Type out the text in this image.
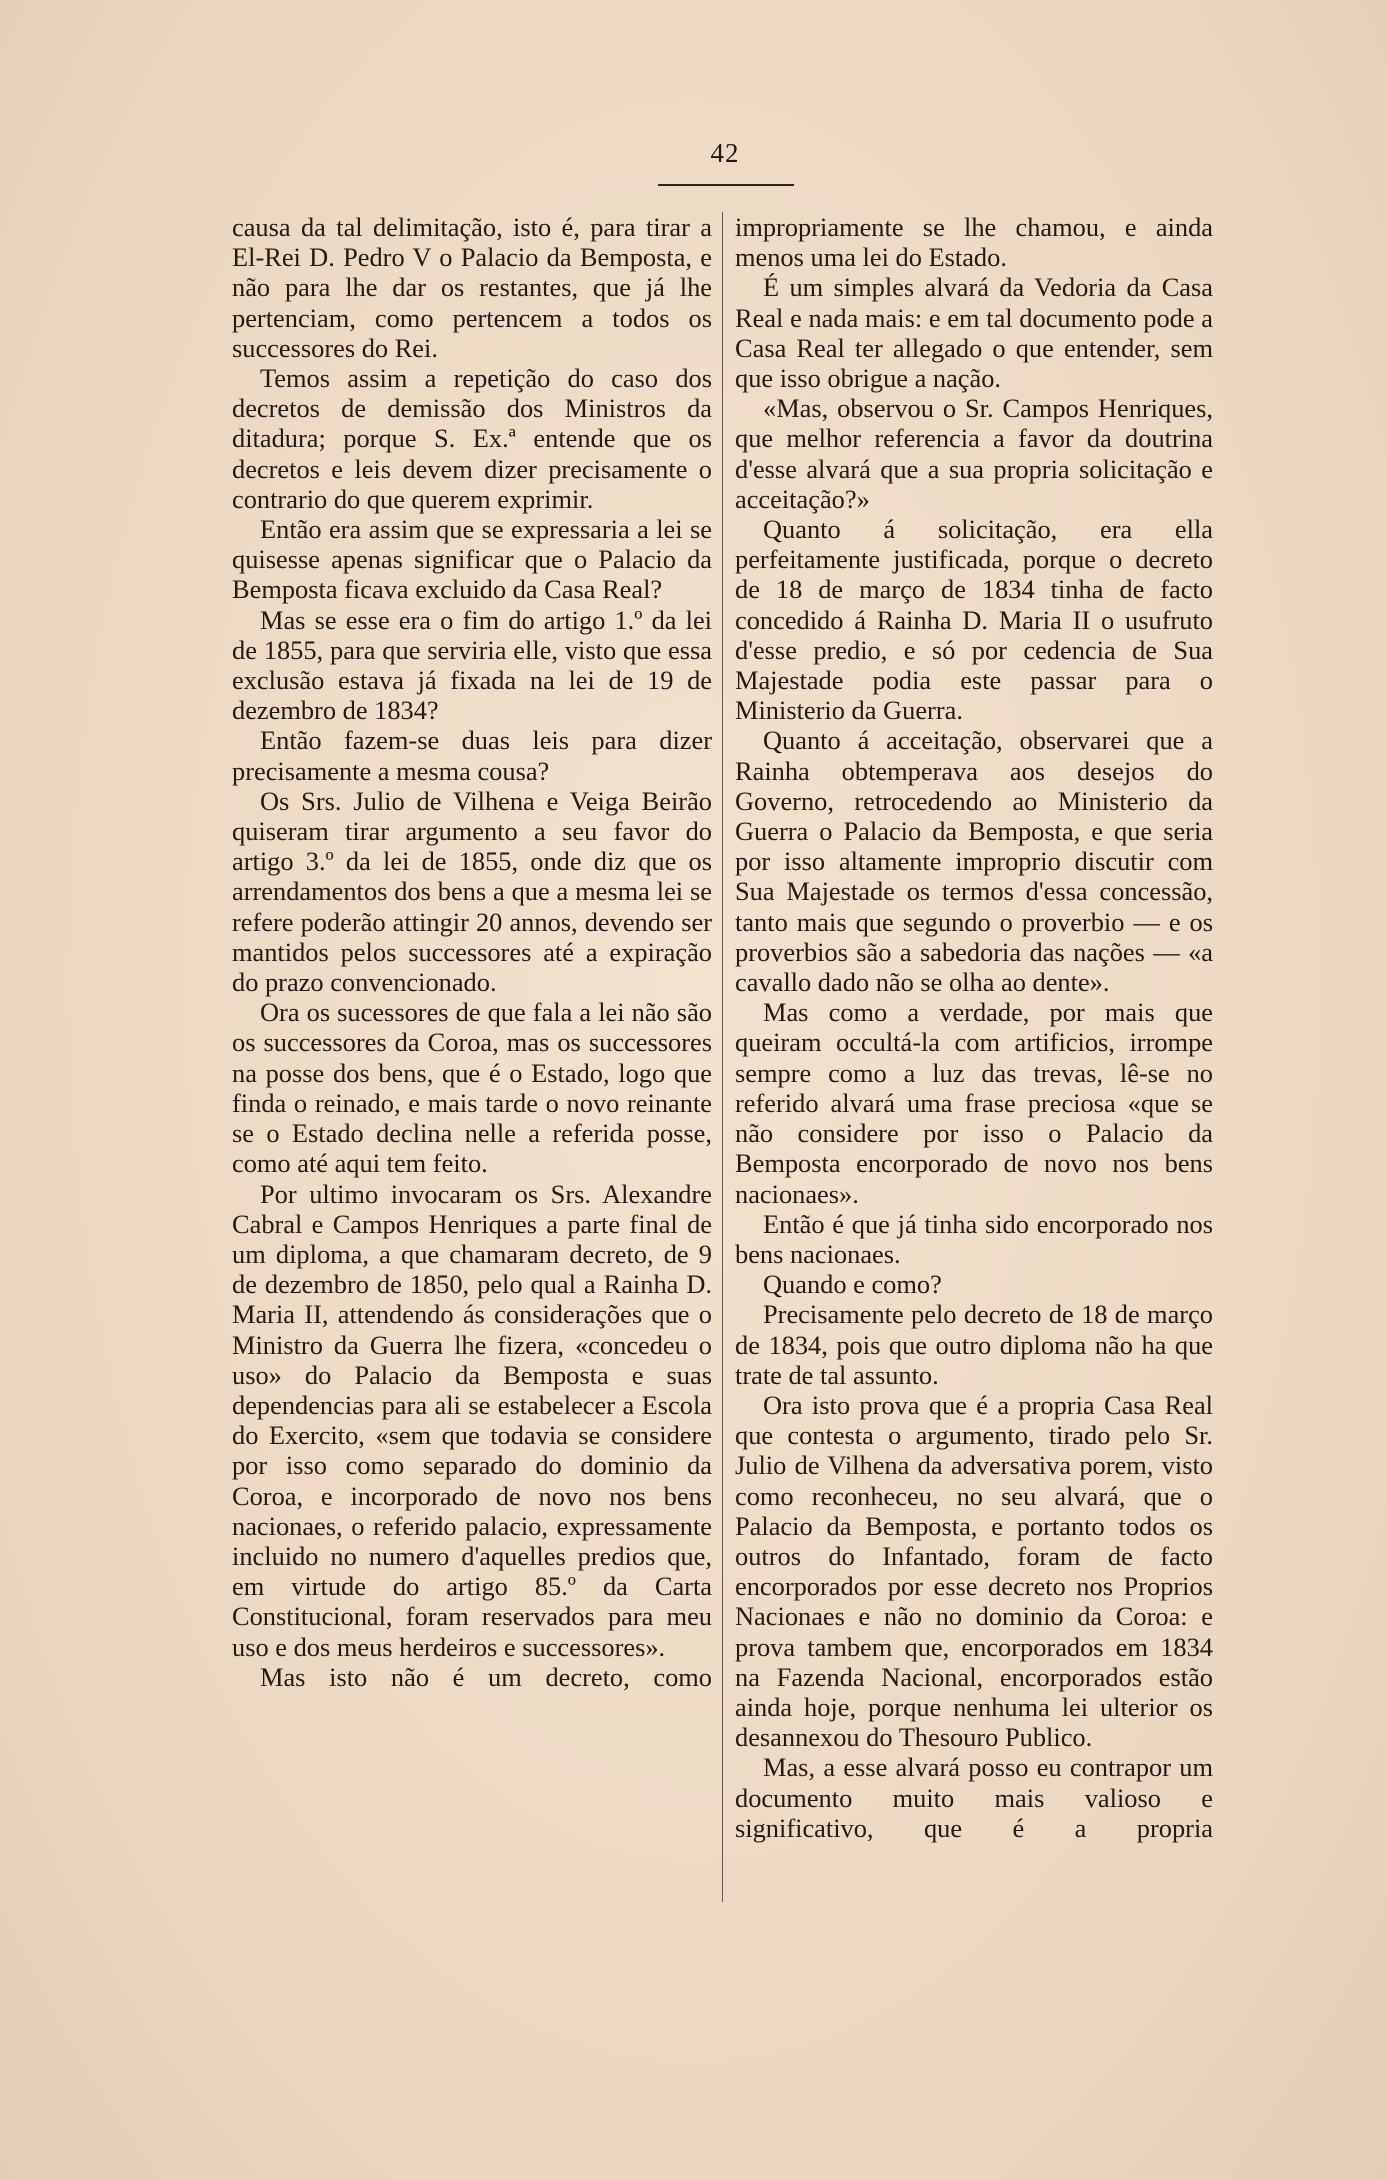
42

causa da tal delimitação, isto é, para tirar a El-Rei D. Pedro V o Palacio da Bemposta, e não para lhe dar os restantes, que já lhe pertenciam, como pertencem a todos os successores do Rei.

Temos assim a repetição do caso dos decretos de demissão dos Ministros da ditadura; porque S. Ex.ª entende que os decretos e leis devem dizer precisamente o contrario do que querem exprimir.

Então era assim que se expressaria a lei se quisesse apenas significar que o Palacio da Bemposta ficava excluido da Casa Real?

Mas se esse era o fim do artigo 1.º da lei de 1855, para que serviria elle, visto que essa exclusão estava já fixada na lei de 19 de dezembro de 1834?

Então fazem-se duas leis para dizer precisamente a mesma cousa?

Os Srs. Julio de Vilhena e Veiga Beirão quiseram tirar argumento a seu favor do artigo 3.º da lei de 1855, onde diz que os arrendamentos dos bens a que a mesma lei se refere poderão attingir 20 annos, devendo ser mantidos pelos successores até a expiração do prazo convencionado.

Ora os sucessores de que fala a lei não são os successores da Coroa, mas os successores na posse dos bens, que é o Estado, logo que finda o reinado, e mais tarde o novo reinante se o Estado declina nelle a referida posse, como até aqui tem feito.

Por ultimo invocaram os Srs. Alexandre Cabral e Campos Henriques a parte final de um diploma, a que chamaram decreto, de 9 de dezembro de 1850, pelo qual a Rainha D. Maria II, attendendo ás considerações que o Ministro da Guerra lhe fizera, «concedeu o uso» do Palacio da Bemposta e suas dependencias para ali se estabelecer a Escola do Exercito, «sem que todavia se considere por isso como separado do dominio da Coroa, e incorporado de novo nos bens nacionaes, o referido palacio, expressamente incluido no numero d'aquelles predios que, em virtude do artigo 85.º da Carta Constitucional, foram reservados para meu uso e dos meus herdeiros e successores».

Mas isto não é um decreto, como

impropriamente se lhe chamou, e ainda menos uma lei do Estado.

É um simples alvará da Vedoria da Casa Real e nada mais: e em tal documento pode a Casa Real ter allegado o que entender, sem que isso obrigue a nação.

«Mas, observou o Sr. Campos Henriques, que melhor referencia a favor da doutrina d'esse alvará que a sua propria solicitação e acceitação?»

Quanto á solicitação, era ella perfeitamente justificada, porque o decreto de 18 de março de 1834 tinha de facto concedido á Rainha D. Maria II o usufruto d'esse predio, e só por cedencia de Sua Majestade podia este passar para o Ministerio da Guerra.

Quanto á acceitação, observarei que a Rainha obtemperava aos desejos do Governo, retrocedendo ao Ministerio da Guerra o Palacio da Bemposta, e que seria por isso altamente improprio discutir com Sua Majestade os termos d'essa concessão, tanto mais que segundo o proverbio — e os proverbios são a sabedoria das nações — «a cavallo dado não se olha ao dente».

Mas como a verdade, por mais que queiram occultá-la com artificios, irrompe sempre como a luz das trevas, lê-se no referido alvará uma frase preciosa «que se não considere por isso o Palacio da Bemposta encorporado de novo nos bens nacionaes».

Então é que já tinha sido encorporado nos bens nacionaes.

Quando e como?

Precisamente pelo decreto de 18 de março de 1834, pois que outro diploma não ha que trate de tal assunto.

Ora isto prova que é a propria Casa Real que contesta o argumento, tirado pelo Sr. Julio de Vilhena da adversativa porem, visto como reconheceu, no seu alvará, que o Palacio da Bemposta, e portanto todos os outros do Infantado, foram de facto encorporados por esse decreto nos Proprios Nacionaes e não no dominio da Coroa: e prova tambem que, encorporados em 1834 na Fazenda Nacional, encorporados estão ainda hoje, porque nenhuma lei ulterior os desannexou do Thesouro Publico.

Mas, a esse alvará posso eu contrapor um documento muito mais valioso e significativo, que é a propria
